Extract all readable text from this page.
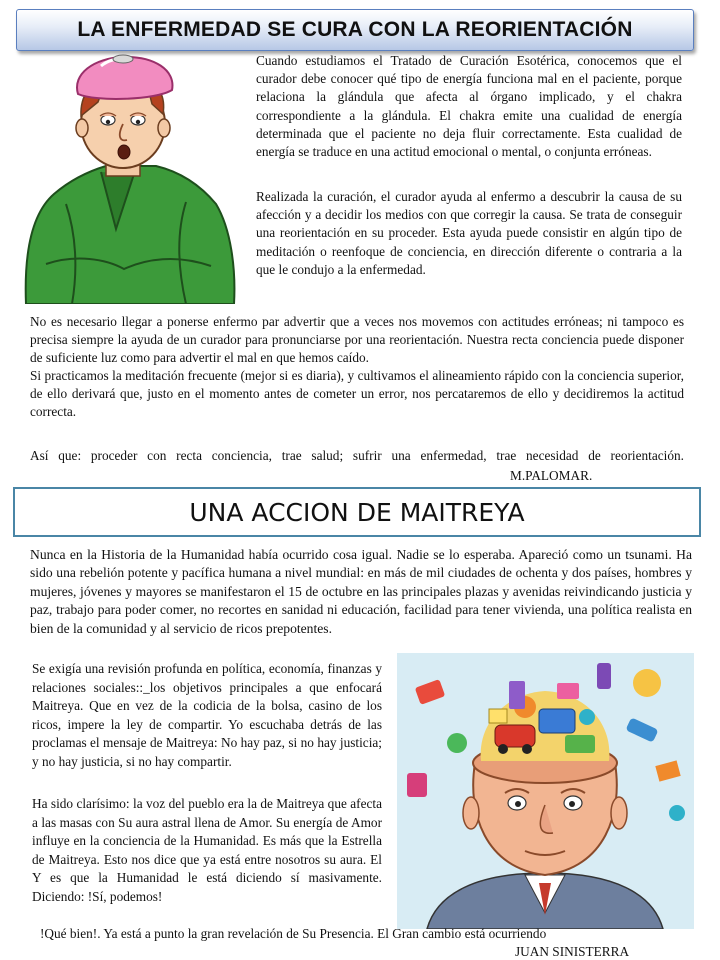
LA ENFERMEDAD SE CURA CON LA REORIENTACIÓN

Cuando estudiamos el Tratado de Curación Esotérica, conocemos que el curador debe conocer qué tipo de energía funciona mal en el paciente, porque relaciona la glándula que afecta al órgano implicado, y el chakra correspondiente a la glándula. El chakra emite una cualidad de energía determinada que el paciente no deja fluir correctamente. Esta cualidad de energía se traduce en una actitud emocional o mental, o conjunta erróneas.

Realizada la curación, el curador ayuda al enfermo a descubrir la causa de su afección y a decidir los medios con que corregir la causa. Se trata de conseguir una reorientación en su proceder. Esta ayuda puede consistir en algún tipo de meditación o reenfoque de conciencia, en dirección diferente o contraria a la que le condujo a la enfermedad.

No es necesario llegar a ponerse enfermo par advertir que a veces nos movemos con actitudes erróneas; ni tampoco es precisa siempre la ayuda de un curador para pronunciarse por una reorientación. Nuestra recta conciencia puede disponer de suficiente luz como para advertir el mal en que hemos caído.

Si practicamos la meditación frecuente (mejor si es diaria), y cultivamos el alineamiento rápido con la conciencia superior, de ello derivará que, justo en el momento antes de cometer un error, nos percataremos de ello y decidiremos la actitud correcta.

Así que: proceder con recta conciencia, trae salud; sufrir una enfermedad, trae necesidad de reorientación.

M.PALOMAR.
UNA ACCION DE MAITREYA

Nunca en la Historia de la Humanidad había ocurrido cosa igual. Nadie se lo esperaba. Apareció como un tsunami. Ha sido una rebelión potente y pacífica humana a nivel mundial: en más de mil ciudades de ochenta y dos países, hombres y mujeres, jóvenes y mayores se manifestaron el 15 de octubre en las principales plazas y avenidas reivindicando justicia y paz, trabajo para poder comer, no recortes en sanidad ni educación, facilidad para tener vivienda, una política realista en bien de la comunidad y al servicio de ricos prepotentes.

Se exigía una revisión profunda en política, economía, finanzas y relaciones sociales::_los objetivos principales a que enfocará Maitreya. Que en vez de la codicia de la bolsa, casino de los ricos, impere la ley de compartir. Yo escuchaba detrás de las proclamas el mensaje de Maitreya: No hay paz, si no hay justicia; y no hay justicia, si no hay compartir.

Ha sido clarísimo: la voz del pueblo era la de Maitreya que afecta a las masas con Su aura astral llena de Amor. Su energía de Amor influye en la conciencia de la Humanidad. Es más que la Estrella de Maitreya. Esto nos dice que ya está entre nosotros su aura. El Y es que la Humanidad le está diciendo sí masivamente. Diciendo: !Sí, podemos!

!Qué bien!. Ya está a punto la gran revelación de Su Presencia. El Gran cambio está ocurriendo
JUAN SINISTERRA
